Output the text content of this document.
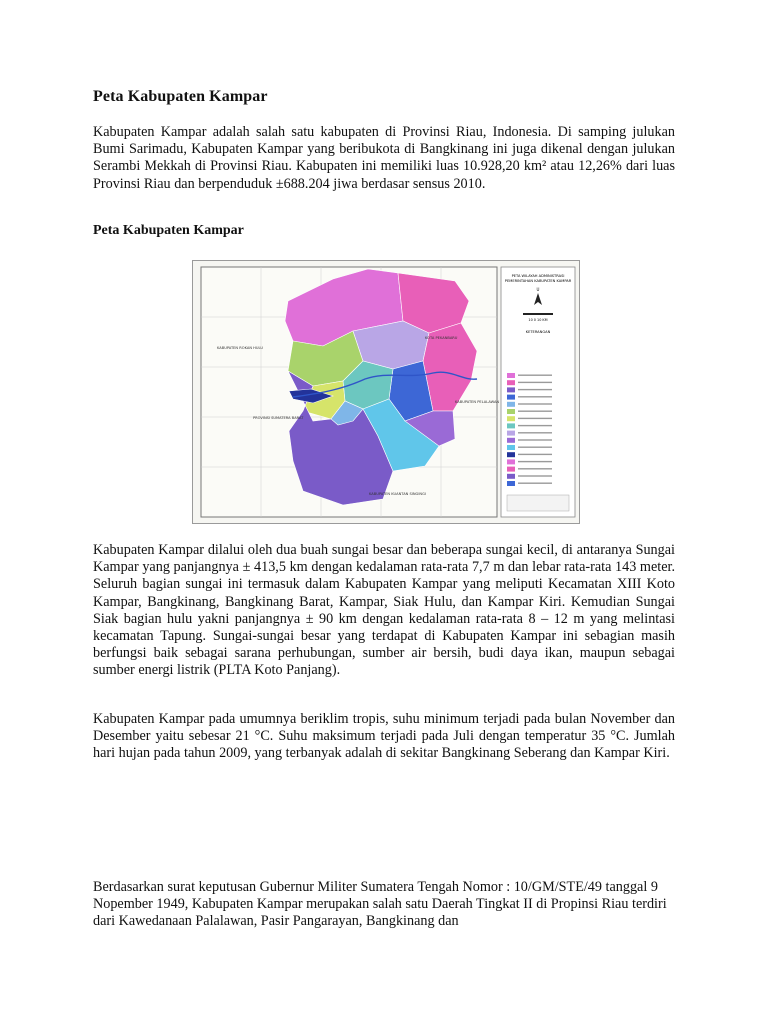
Peta Kabupaten Kampar

Kabupaten Kampar adalah salah satu kabupaten di Provinsi Riau, Indonesia. Di samping julukan Bumi Sarimadu, Kabupaten Kampar yang beribukota di Bangkinang ini juga dikenal dengan julukan Serambi Mekkah di Provinsi Riau. Kabupaten ini memiliki luas 10.928,20 km² atau 12,26% dari luas Provinsi Riau dan berpenduduk ±688.204 jiwa berdasar sensus 2010.

Peta Kabupaten Kampar

KABUPATEN ROKAN HULU
KOTA PEKANBARU
PROVINSI SUMATERA BARAT
KABUPATEN PELALAWAN
KABUPATEN KUANTAN SINGINGI
PETA WILAYAH ADMINISTRASI
PEMERINTAHAN KABUPATEN KAMPAR
U
10 0 10 KM
KETERANGAN

Kabupaten Kampar dilalui oleh dua buah sungai besar dan beberapa sungai kecil, di antaranya Sungai Kampar yang panjangnya ± 413,5 km dengan kedalaman rata-rata 7,7 m dan lebar rata-rata 143 meter. Seluruh bagian sungai ini termasuk dalam Kabupaten Kampar yang meliputi Kecamatan XIII Koto Kampar, Bangkinang, Bangkinang Barat, Kampar, Siak Hulu, dan Kampar Kiri. Kemudian Sungai Siak bagian hulu yakni panjangnya ± 90 km dengan kedalaman rata-rata 8 – 12 m yang melintasi kecamatan Tapung. Sungai-sungai besar yang terdapat di Kabupaten Kampar ini sebagian masih berfungsi baik sebagai sarana perhubungan, sumber air bersih, budi daya ikan, maupun sebagai sumber energi listrik (PLTA Koto Panjang).

Kabupaten Kampar pada umumnya beriklim tropis, suhu minimum terjadi pada bulan November dan Desember yaitu sebesar 21 °C. Suhu maksimum terjadi pada Juli dengan temperatur 35 °C. Jumlah hari hujan pada tahun 2009, yang terbanyak adalah di sekitar Bangkinang Seberang dan Kampar Kiri.

Berdasarkan surat keputusan Gubernur Militer Sumatera Tengah Nomor : 10/GM/STE/49 tanggal 9 Nopember 1949, Kabupaten Kampar merupakan salah satu Daerah Tingkat II di Propinsi Riau terdiri dari Kawedanaan Palalawan, Pasir Pangarayan, Bangkinang dan
